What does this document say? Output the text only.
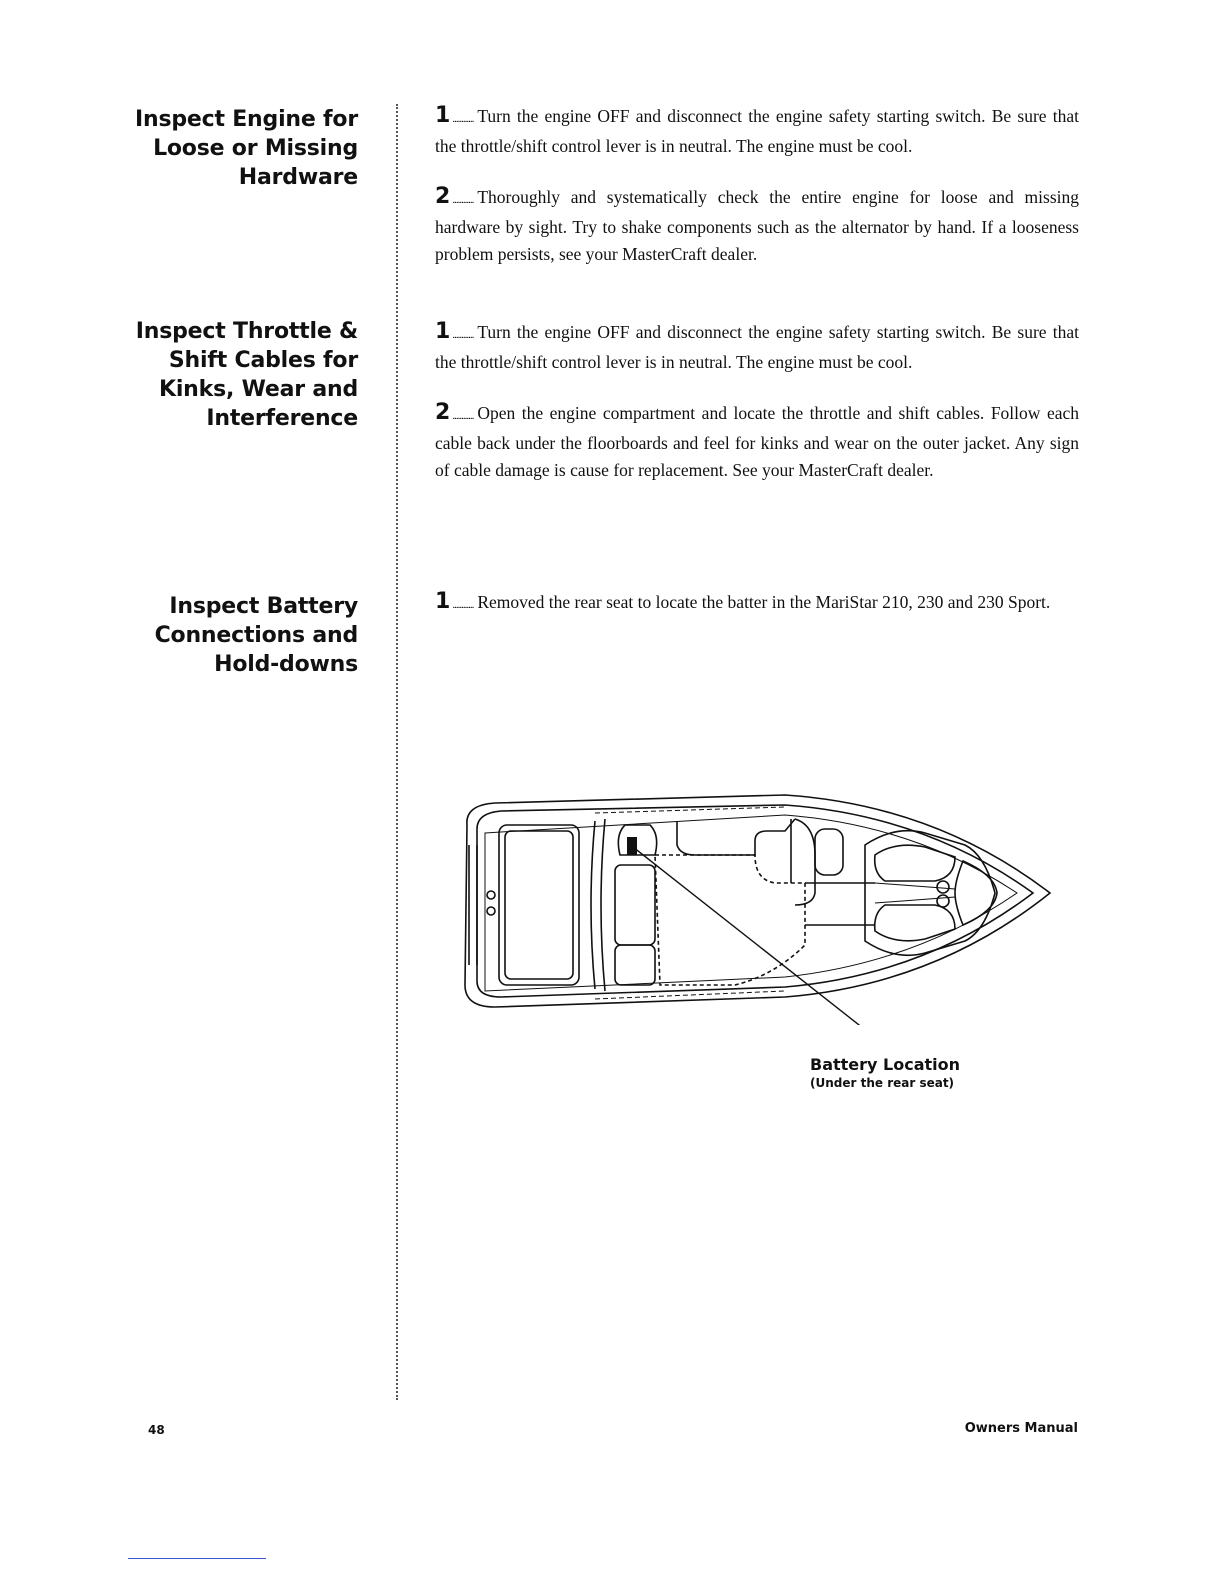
Inspect Engine for
Loose or Missing
Hardware
1 ............ Turn the engine OFF and disconnect the engine safety starting switch. Be sure that the throttle/shift control lever is in neutral. The engine must be cool.
2 ............ Thoroughly and systematically check the entire engine for loose and missing hardware by sight. Try to shake components such as the alternator by hand. If a looseness problem persists, see your MasterCraft dealer.
Inspect Throttle &
Shift Cables for
Kinks, Wear and
Interference
1 ............ Turn the engine OFF and disconnect the engine safety starting switch. Be sure that the throttle/shift control lever is in neutral. The engine must be cool.
2 ............ Open the engine compartment and locate the throttle and shift cables. Follow each cable back under the floorboards and feel for kinks and wear on the outer jacket. Any sign of cable damage is cause for replacement. See your MasterCraft dealer.
Inspect Battery
Connections and
Hold-downs
1 ............ Removed the rear seat to locate the batter in the MariStar 210, 230 and 230 Sport.
Battery Location
(Under the rear seat)
48	Owners Manual
